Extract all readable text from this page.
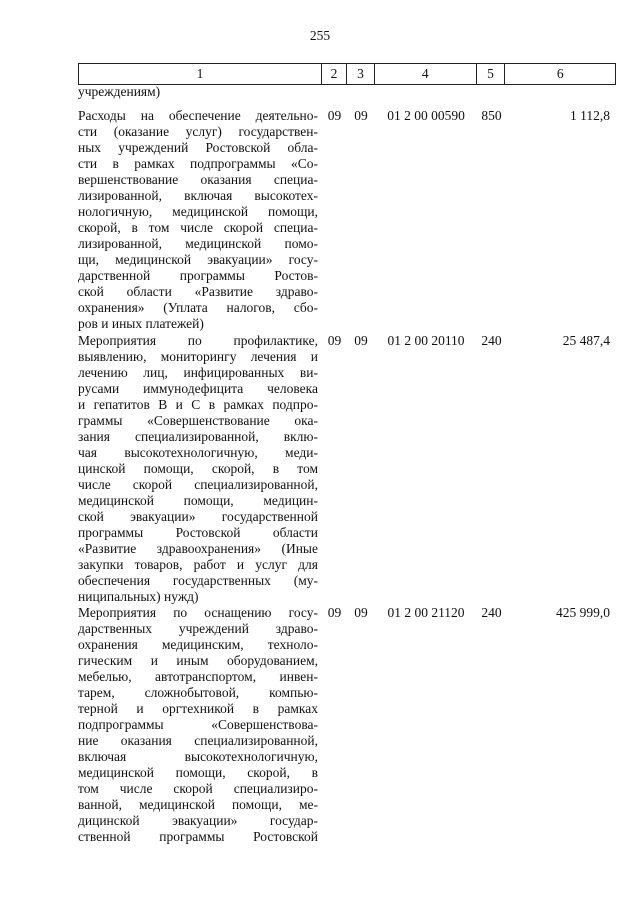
255
1	2	3	4	5	6
учреждениям)
Расходы на обеспечение деятельно-
сти (оказание услуг) государствен-
ных учреждений Ростовской обла-
сти в рамках подпрограммы «Со-
вершенствование оказания специа-
лизированной, включая высокотех-
нологичную, медицинской помощи,
скорой, в том числе скорой специа-
лизированной, медицинской помо-
щи, медицинской эвакуации» госу-
дарственной программы Ростов-
ской области «Развитие здраво-
охранения» (Уплата налогов, сбо-
ров и иных платежей)
09 09	01 2 00 00590	850	1 112,8
Мероприятия по профилактике,
выявлению, мониторингу лечения и
лечению лиц, инфицированных ви-
русами иммунодефицита человека
и гепатитов В и С в рамках подпро-
граммы «Совершенствование ока-
зания специализированной, вклю-
чая высокотехнологичную, меди-
цинской помощи, скорой, в том
числе скорой специализированной,
медицинской помощи, медицин-
ской эвакуации» государственной
программы Ростовской области
«Развитие здравоохранения» (Иные
закупки товаров, работ и услуг для
обеспечения государственных (му-
ниципальных) нужд)
09 09	01 2 00 20110	240	25 487,4
Мероприятия по оснащению госу-
дарственных учреждений здраво-
охранения медицинским, техноло-
гическим и иным оборудованием,
мебелью, автотранспортом, инвен-
тарем, сложнобытовой, компью-
терной и оргтехникой в рамках
подпрограммы «Совершенствова-
ние оказания специализированной,
включая высокотехнологичную,
медицинской помощи, скорой, в
том числе скорой специализиро-
ванной, медицинской помощи, ме-
дицинской эвакуации» государ-
ственной программы Ростовской
09 09	01 2 00 21120	240	425 999,0
